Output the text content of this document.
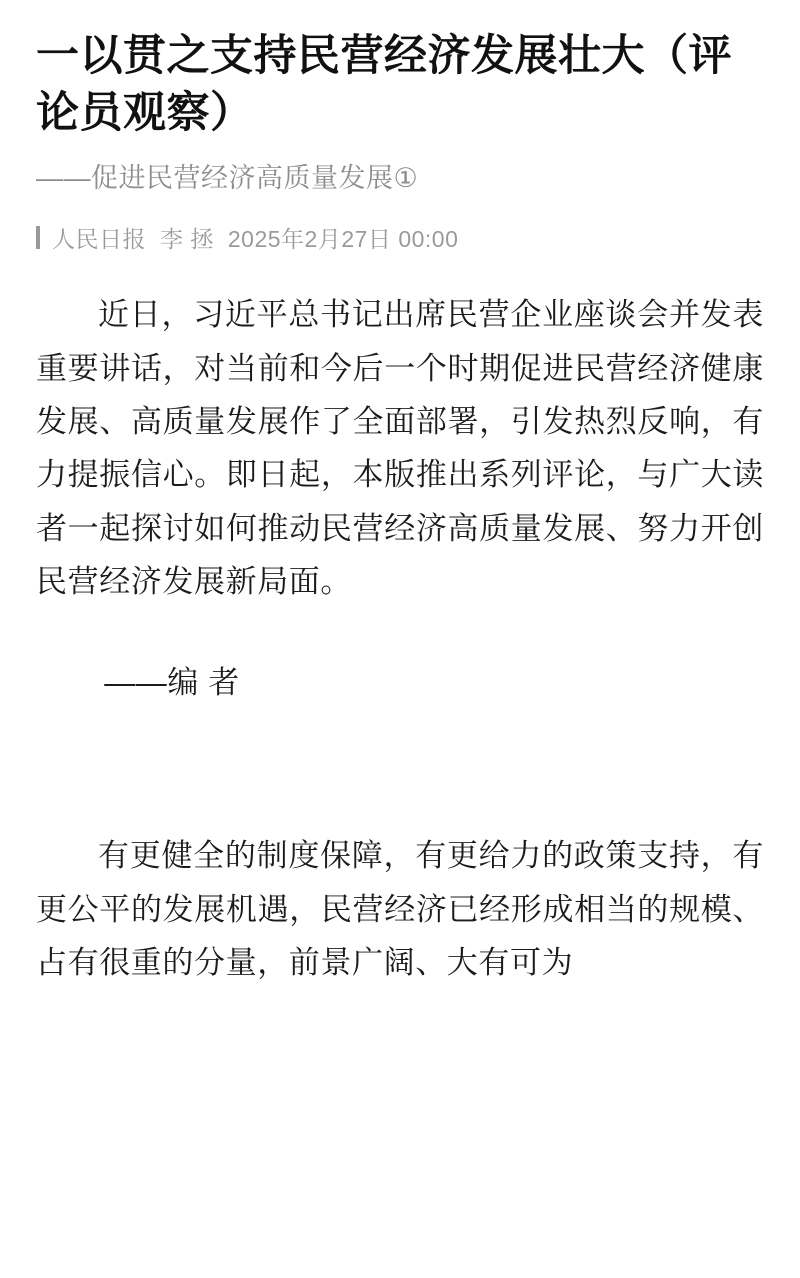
一以贯之支持民营经济发展壮大（评论员观察）
——促进民营经济高质量发展①
人民日报 李 拯 2025年2月27日 00:00

近日，习近平总书记出席民营企业座谈会并发表重要讲话，对当前和今后一个时期促进民营经济健康发展、高质量发展作了全面部署，引发热烈反响，有力提振信心。即日起，本版推出系列评论，与广大读者一起探讨如何推动民营经济高质量发展、努力开创民营经济发展新局面。

——编 者

有更健全的制度保障，有更给力的政策支持，有更公平的发展机遇，民营经济已经形成相当的规模、占有很重的分量，前景广阔、大有可为
